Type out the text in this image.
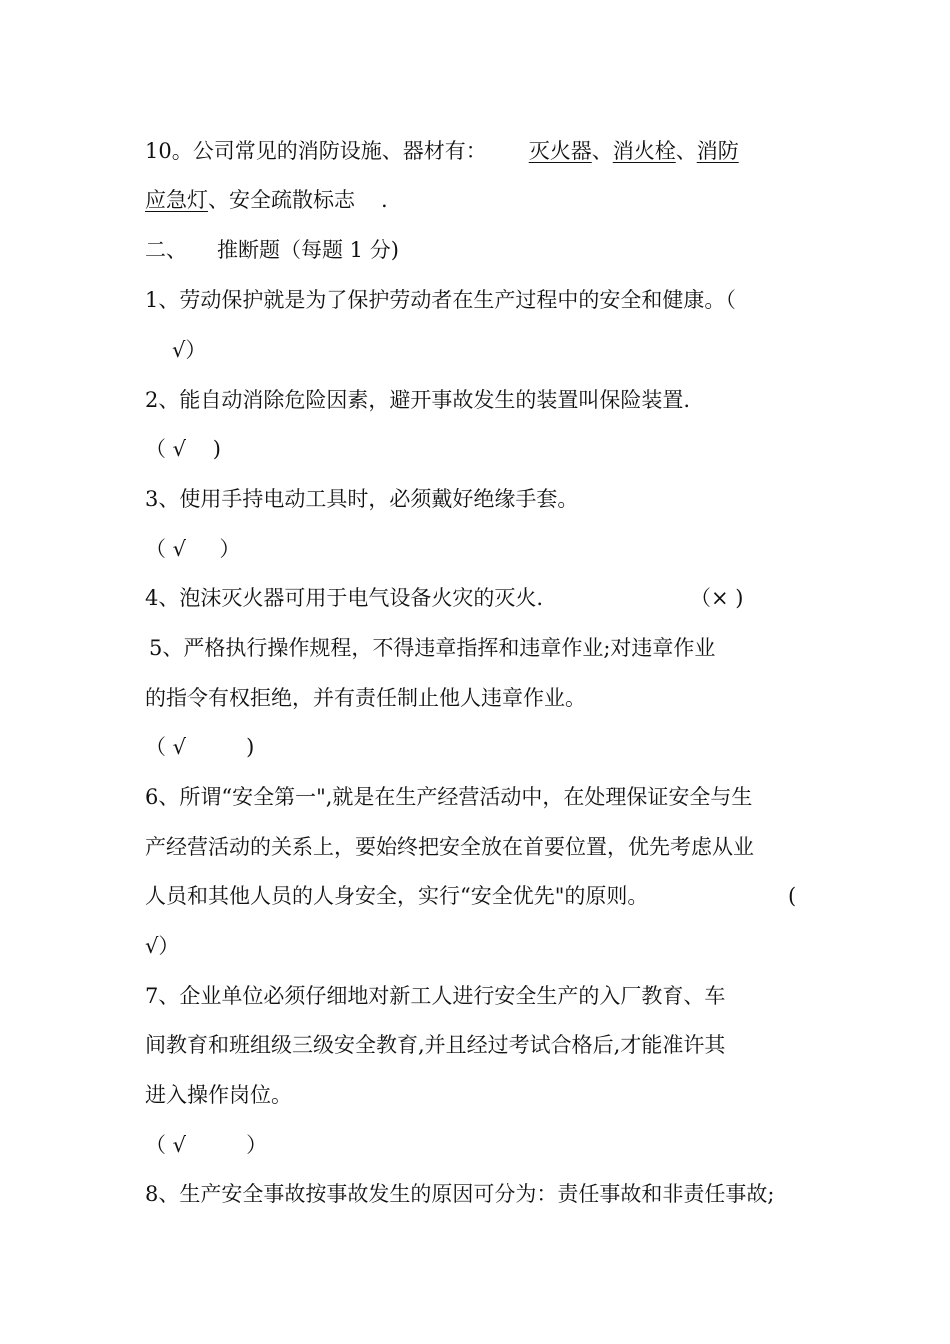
10。公司常见的消防设施、器材有： 灭火器、消火栓、消防
应急灯、安全疏散标志 .
二、 推断题（每题 1 分)
1、劳动保护就是为了保护劳动者在生产过程中的安全和健康。（
√）
2、能自动消除危险因素，避开事故发生的装置叫保险装置.
（ √    )
3、使用手持电动工具时，必须戴好绝缘手套。
（ √     ）
4、泡沫灭火器可用于电气设备火灾的灭火.	（× )
5、严格执行操作规程，不得违章指挥和违章作业;对违章作业
的指令有权拒绝，并有责任制止他人违章作业。
（ √         )
6、所谓“安全第一",就是在生产经营活动中，在处理保证安全与生
产经营活动的关系上，要始终把安全放在首要位置，优先考虑从业
人员和其他人员的人身安全，实行“安全优先"的原则。	(
√）
7、企业单位必须仔细地对新工人进行安全生产的入厂教育、车
间教育和班组级三级安全教育,并且经过考试合格后,才能准许其
进入操作岗位。
（ √         ）
8、生产安全事故按事故发生的原因可分为：责任事故和非责任事故;
